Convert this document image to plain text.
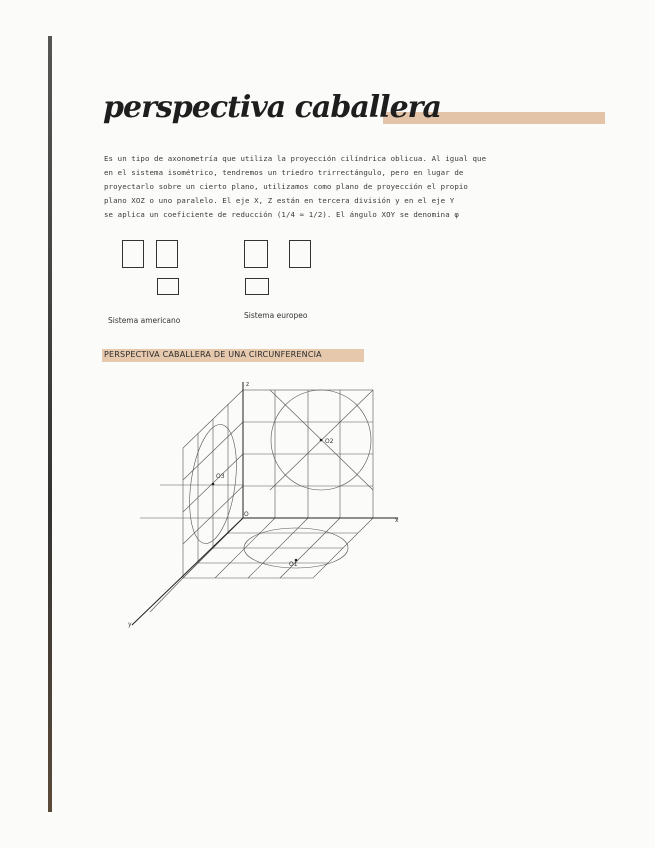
perspectiva caballera
Es un tipo de axonometría que utiliza la proyección cilíndrica oblicua. Al igual que
en el sistema isométrico, tendremos un triedro trirrectángulo, pero en lugar de
proyectarlo sobre un cierto plano, utilizamos como plano de proyección el propio
plano XOZ o uno paralelo. El eje X, Z están en tercera división y en el eje Y
se aplica un coeficiente de reducción (1/4 ≈ 1/2). El ángulo XOY se denomina φ
Sistema americano
Sistema europeo
PERSPECTIVA CABALLERA DE UNA CIRCUNFERENCIA
z
x
y
O
O2
O3
O1
